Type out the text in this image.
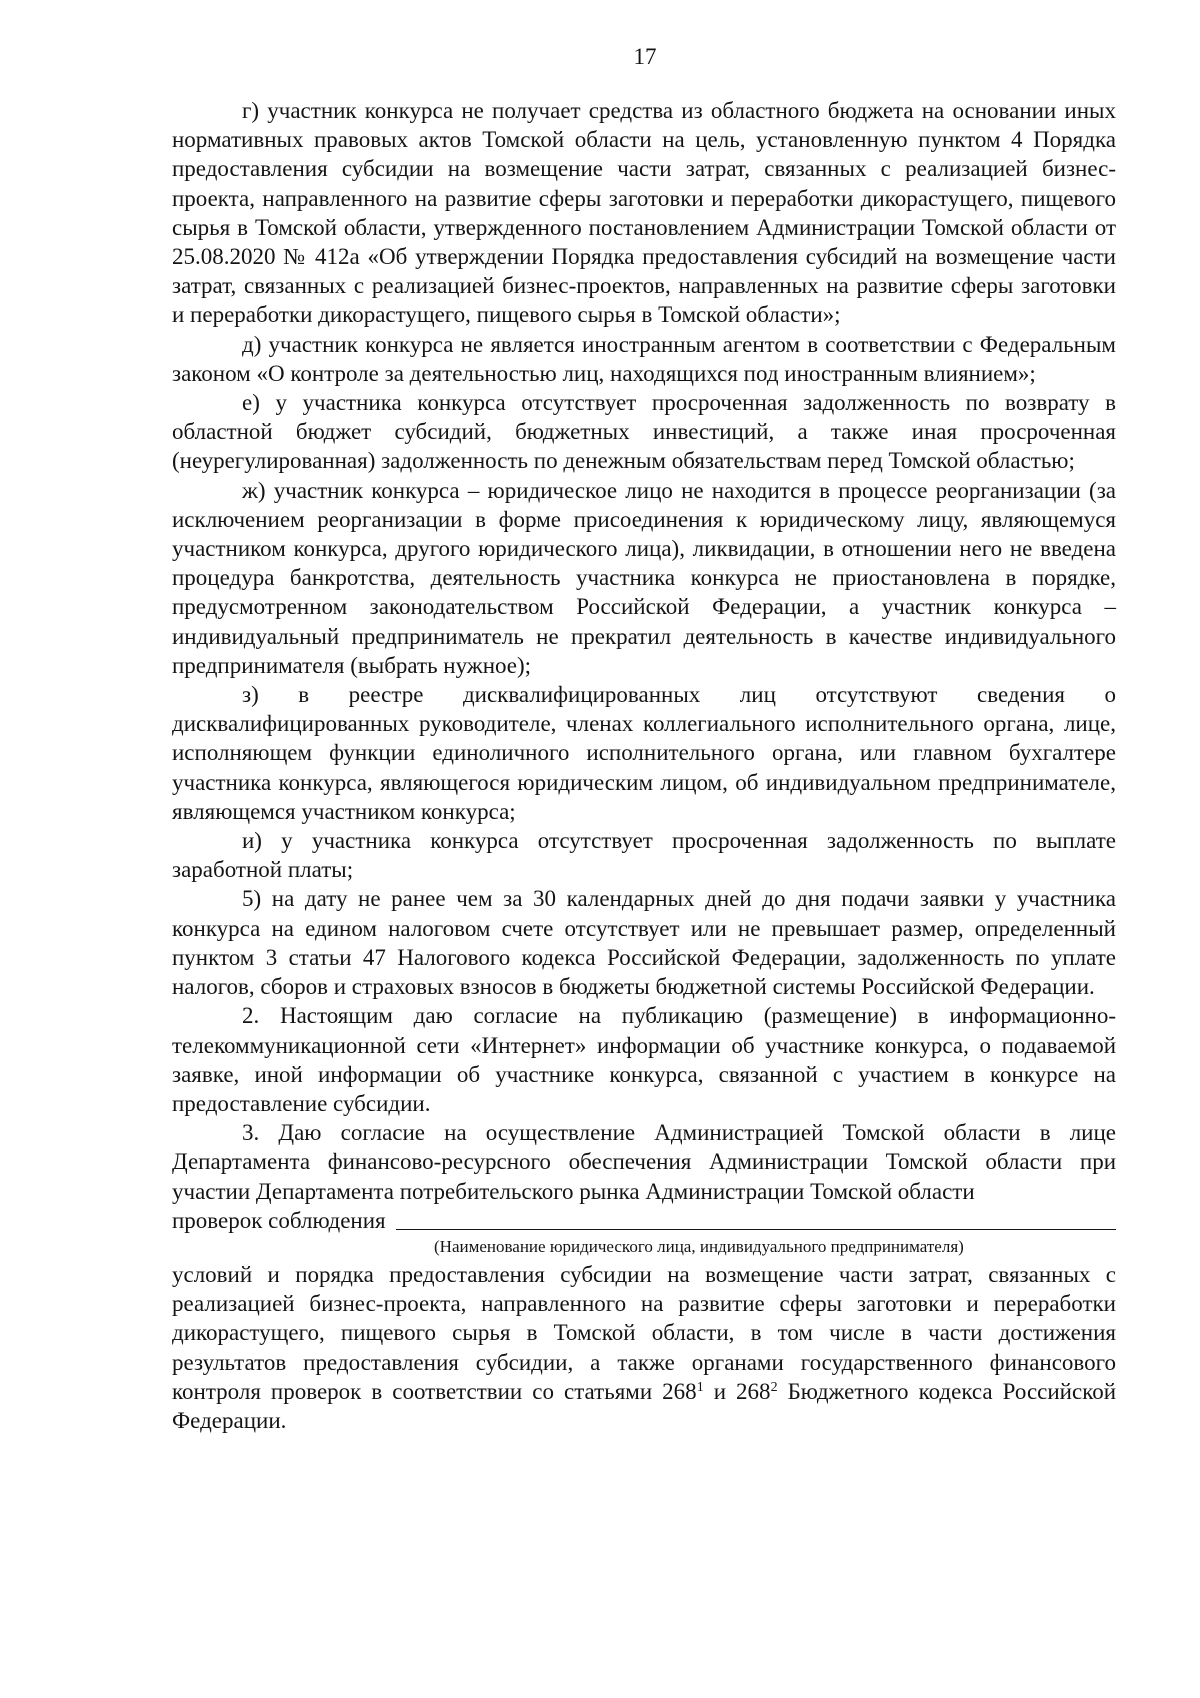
17

г) участник конкурса не получает средства из областного бюджета на основании иных нормативных правовых актов Томской области на цель, установленную пунктом 4 Порядка предоставления субсидии на возмещение части затрат, связанных с реализацией бизнес-проекта, направленного на развитие сферы заготовки и переработки дикорастущего, пищевого сырья в Томской области, утвержденного постановлением Администрации Томской области от 25.08.2020 № 412а «Об утверждении Порядка предоставления субсидий на возмещение части затрат, связанных с реализацией бизнес-проектов, направленных на развитие сферы заготовки и переработки дикорастущего, пищевого сырья в Томской области»;

д) участник конкурса не является иностранным агентом в соответствии с Федеральным законом «О контроле за деятельностью лиц, находящихся под иностранным влиянием»;

е) у участника конкурса отсутствует просроченная задолженность по возврату в областной бюджет субсидий, бюджетных инвестиций, а также иная просроченная (неурегулированная) задолженность по денежным обязательствам перед Томской областью;

ж) участник конкурса – юридическое лицо не находится в процессе реорганизации (за исключением реорганизации в форме присоединения к юридическому лицу, являющемуся участником конкурса, другого юридического лица), ликвидации, в отношении него не введена процедура банкротства, деятельность участника конкурса не приостановлена в порядке, предусмотренном законодательством Российской Федерации, а участник конкурса – индивидуальный предприниматель не прекратил деятельность в качестве индивидуального предпринимателя (выбрать нужное);

з) в реестре дисквалифицированных лиц отсутствуют сведения о дисквалифицированных руководителе, членах коллегиального исполнительного органа, лице, исполняющем функции единоличного исполнительного органа, или главном бухгалтере участника конкурса, являющегося юридическим лицом, об индивидуальном предпринимателе, являющемся участником конкурса;

и) у участника конкурса отсутствует просроченная задолженность по выплате заработной платы;

5) на дату не ранее чем за 30 календарных дней до дня подачи заявки у участника конкурса на едином налоговом счете отсутствует или не превышает размер, определенный пунктом 3 статьи 47 Налогового кодекса Российской Федерации, задолженность по уплате налогов, сборов и страховых взносов в бюджеты бюджетной системы Российской Федерации.

2. Настоящим даю согласие на публикацию (размещение) в информационно-телекоммуникационной сети «Интернет» информации об участнике конкурса, о подаваемой заявке, иной информации об участнике конкурса, связанной с участием в конкурсе на предоставление субсидии.

3. Даю согласие на осуществление Администрацией Томской области в лице Департамента финансово-ресурсного обеспечения Администрации Томской области при участии Департамента потребительского рынка Администрации Томской области

проверок соблюдения

(Наименование юридического лица, индивидуального предпринимателя)

условий и порядка предоставления субсидии на возмещение части затрат, связанных с реализацией бизнес-проекта, направленного на развитие сферы заготовки и переработки дикорастущего, пищевого сырья в Томской области, в том числе в части достижения результатов предоставления субсидии, а также органами государственного финансового контроля проверок в соответствии со статьями $268^1$ и $268^2$ Бюджетного кодекса Российской Федерации.
